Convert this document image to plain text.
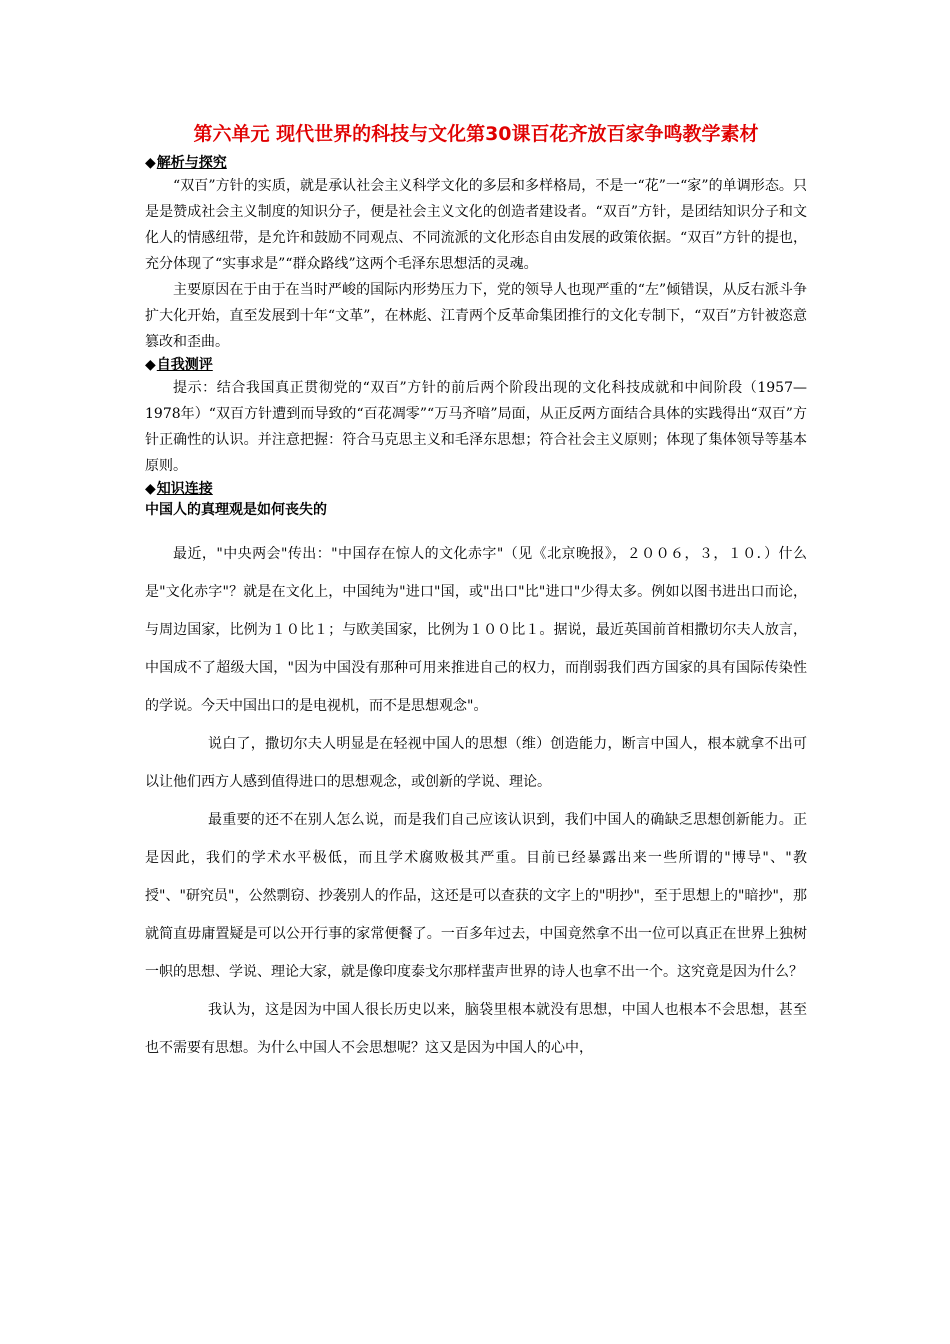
第六单元 现代世界的科技与文化第30课百花齐放百家争鸣教学素材
◆解析与探究

“双百”方针的实质，就是承认社会主义科学文化的多层和多样格局，不是一“花”一“家”的单调形态。只是是赞成社会主义制度的知识分子，便是社会主义文化的创造者建设者。“双百”方针，是团结知识分子和文化人的情感纽带，是允许和鼓励不同观点、不同流派的文化形态自由发展的政策依据。“双百”方针的提也，充分体现了“实事求是”“群众路线”这两个毛泽东思想活的灵魂。

主要原因在于由于在当时严峻的国际内形势压力下，党的领导人也现严重的“左”倾错误，从反右派斗争扩大化开始，直至发展到十年“文革”，在林彪、江青两个反革命集团推行的文化专制下，“双百”方针被恣意篡改和歪曲。

◆自我测评

提示：结合我国真正贯彻党的“双百”方针的前后两个阶段出现的文化科技成就和中间阶段（1957—1978年）“双百方针遭到而导致的“百花凋零”“万马齐喑”局面，从正反两方面结合具体的实践得出“双百”方针正确性的认识。并注意把握：符合马克思主义和毛泽东思想；符合社会主义原则；体现了集体领导等基本原则。

◆知识连接
中国人的真理观是如何丧失的

最近，"中央两会"传出："中国存在惊人的文化赤字"（见《北京晚报》，２００６，３，１０．）什么是"文化赤字"？就是在文化上，中国纯为"进口"国，或"出口"比"进口"少得太多。例如以图书进出口而论，与周边国家，比例为１０比１；与欧美国家，比例为１００比１。据说，最近英国前首相撒切尔夫人放言，中国成不了超级大国，"因为中国没有那种可用来推进自己的权力，而削弱我们西方国家的具有国际传染性的学说。今天中国出口的是电视机，而不是思想观念"。

说白了，撒切尔夫人明显是在轻视中国人的思想（维）创造能力，断言中国人，根本就拿不出可以让他们西方人感到值得进口的思想观念，或创新的学说、理论。

最重要的还不在别人怎么说，而是我们自己应该认识到，我们中国人的确缺乏思想创新能力。正是因此，我们的学术水平极低，而且学术腐败极其严重。目前已经暴露出来一些所谓的"博导"、"教授"、"研究员"，公然剽窃、抄袭别人的作品，这还是可以查获的文字上的"明抄"，至于思想上的"暗抄"，那就简直毋庸置疑是可以公开行事的家常便餐了。一百多年过去，中国竟然拿不出一位可以真正在世界上独树一帜的思想、学说、理论大家，就是像印度泰戈尔那样蜚声世界的诗人也拿不出一个。这究竟是因为什么？

我认为，这是因为中国人很长历史以来，脑袋里根本就没有思想，中国人也根本不会思想，甚至也不需要有思想。为什么中国人不会思想呢？这又是因为中国人的心中，
